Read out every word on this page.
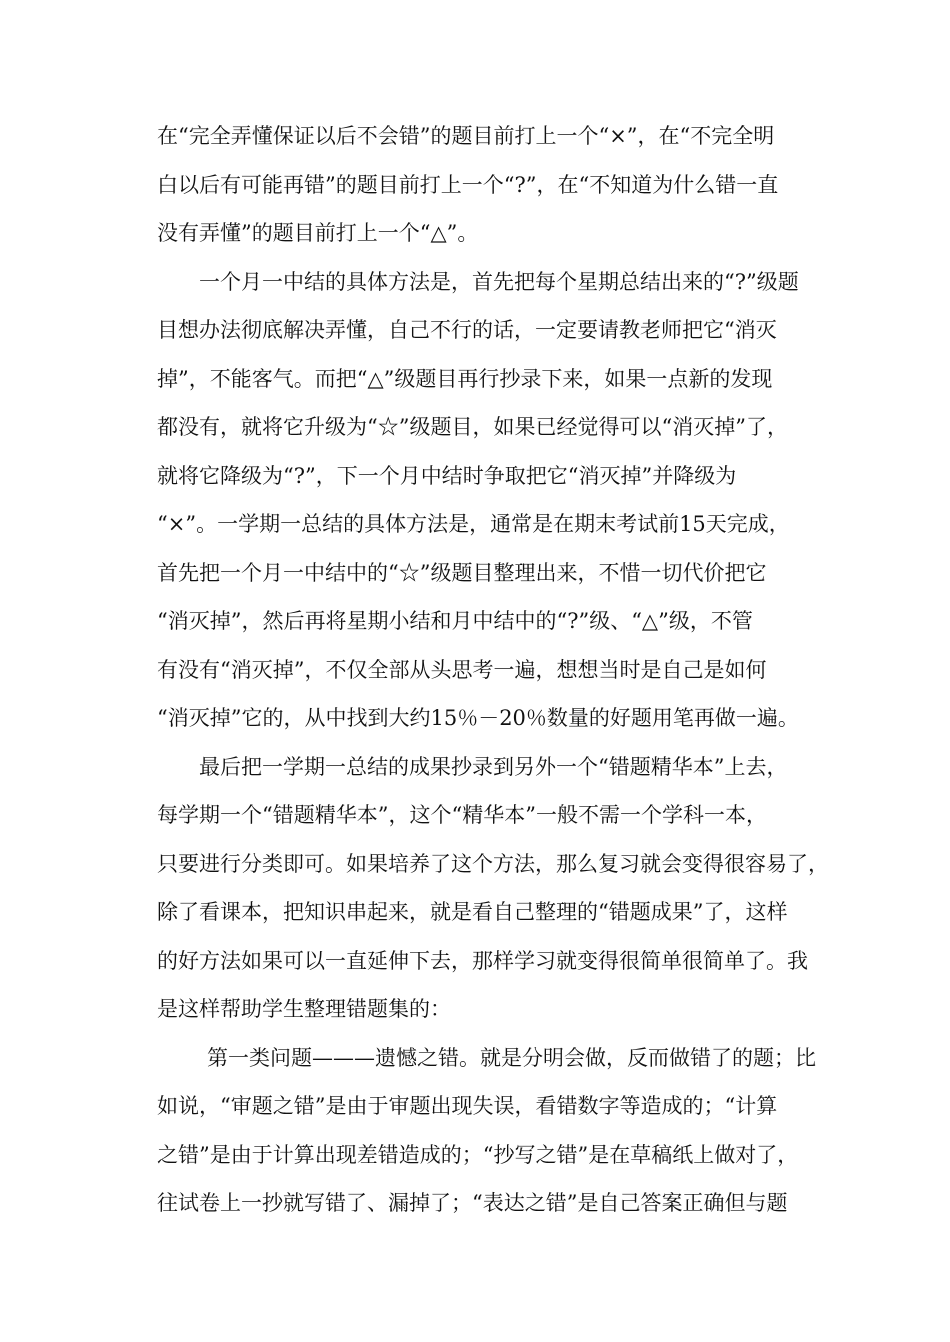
在“完全弄懂保证以后不会错”的题目前打上一个“×”，在“不完全明
白以后有可能再错”的题目前打上一个“?”，在“不知道为什么错一直
没有弄懂”的题目前打上一个“△”。
一个月一中结的具体方法是，首先把每个星期总结出来的“?”级题
目想办法彻底解决弄懂，自己不行的话，一定要请教老师把它“消灭
掉”，不能客气。而把“△”级题目再行抄录下来，如果一点新的发现
都没有，就将它升级为“☆”级题目，如果已经觉得可以“消灭掉”了，
就将它降级为“?”，下一个月中结时争取把它“消灭掉”并降级为
“×”。一学期一总结的具体方法是，通常是在期末考试前15天完成，
首先把一个月一中结中的“☆”级题目整理出来，不惜一切代价把它
“消灭掉”，然后再将星期小结和月中结中的“?”级、“△”级，不管
有没有“消灭掉”，不仅全部从头思考一遍，想想当时是自己是如何
“消灭掉”它的，从中找到大约15％－20％数量的好题用笔再做一遍。
最后把一学期一总结的成果抄录到另外一个“错题精华本”上去，
每学期一个“错题精华本”，这个“精华本”一般不需一个学科一本，
只要进行分类即可。如果培养了这个方法，那么复习就会变得很容易了，
除了看课本，把知识串起来，就是看自己整理的“错题成果”了，这样
的好方法如果可以一直延伸下去，那样学习就变得很简单很简单了。我
是这样帮助学生整理错题集的：
第一类问题———遗憾之错。就是分明会做，反而做错了的题；比
如说，“审题之错”是由于审题出现失误，看错数字等造成的；“计算
之错”是由于计算出现差错造成的；“抄写之错”是在草稿纸上做对了，
往试卷上一抄就写错了、漏掉了；“表达之错”是自己答案正确但与题
